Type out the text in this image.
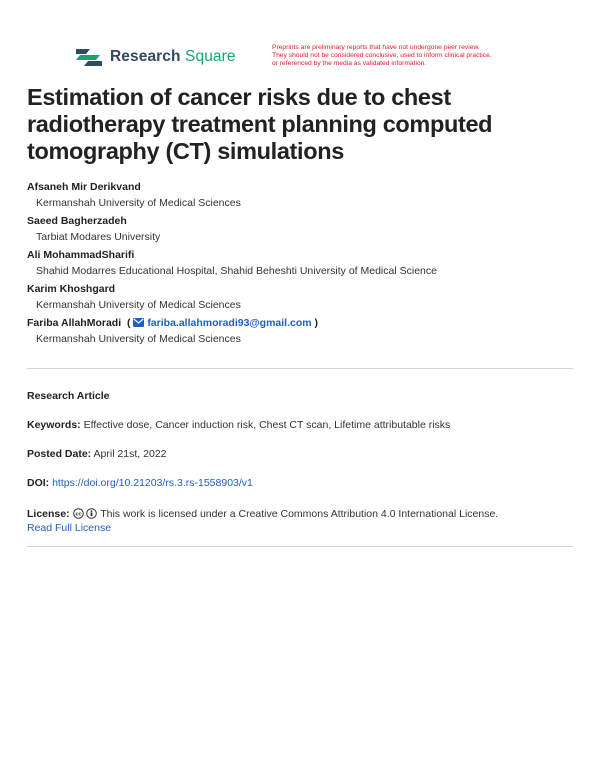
Research Square
Preprints are preliminary reports that have not undergone peer review.
They should not be considered conclusive, used to inform clinical practice,
or referenced by the media as validated information.
Estimation of cancer risks due to chest radiotherapy treatment planning computed tomography (CT) simulations
Afsaneh Mir Derikvand
Kermanshah University of Medical Sciences
Saeed Bagherzadeh
Tarbiat Modares University
Ali MohammadSharifi
Shahid Modarres Educational Hospital, Shahid Beheshti University of Medical Science
Karim Khoshgard
Kermanshah University of Medical Sciences
Fariba AllahMoradi  (  fariba.allahmoradi93@gmail.com )
Kermanshah University of Medical Sciences
Research Article
Keywords: Effective dose, Cancer induction risk, Chest CT scan, Lifetime attributable risks
Posted Date: April 21st, 2022
DOI: https://doi.org/10.21203/rs.3.rs-1558903/v1
License: cc This work is licensed under a Creative Commons Attribution 4.0 International License.
Read Full License
